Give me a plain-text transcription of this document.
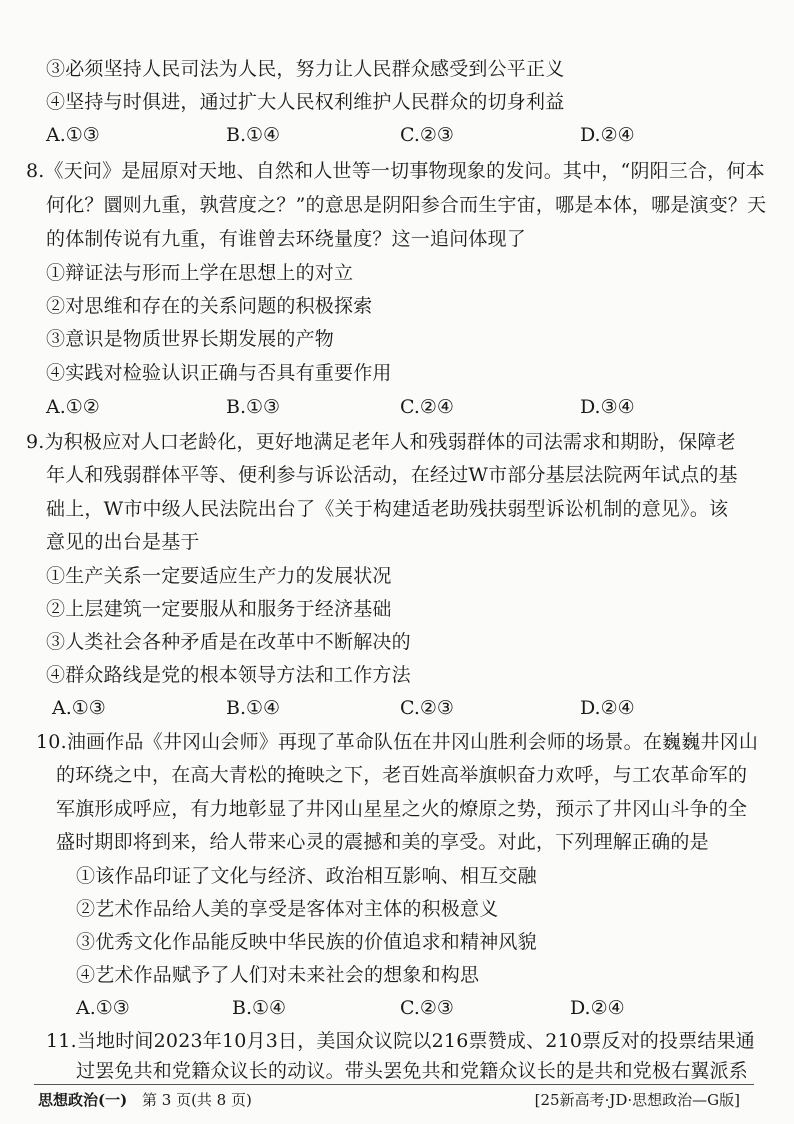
③必须坚持人民司法为人民，努力让人民群众感受到公平正义
④坚持与时俱进，通过扩大人民权利维护人民群众的切身利益
A.①③	B.①④	C.②③	D.②④
8.《天问》是屈原对天地、自然和人世等一切事物现象的发问。其中，“阴阳三合，何本
何化？圜则九重，孰营度之？”的意思是阴阳参合而生宇宙，哪是本体，哪是演变？天
的体制传说有九重，有谁曾去环绕量度？这一追问体现了
①辩证法与形而上学在思想上的对立
②对思维和存在的关系问题的积极探索
③意识是物质世界长期发展的产物
④实践对检验认识正确与否具有重要作用
A.①②	B.①③	C.②④	D.③④
9.为积极应对人口老龄化，更好地满足老年人和残弱群体的司法需求和期盼，保障老
年人和残弱群体平等、便利参与诉讼活动，在经过W市部分基层法院两年试点的基
础上，W市中级人民法院出台了《关于构建适老助残扶弱型诉讼机制的意见》。该
意见的出台是基于
①生产关系一定要适应生产力的发展状况
②上层建筑一定要服从和服务于经济基础
③人类社会各种矛盾是在改革中不断解决的
④群众路线是党的根本领导方法和工作方法
A.①③	B.①④	C.②③	D.②④
10.油画作品《井冈山会师》再现了革命队伍在井冈山胜利会师的场景。在巍巍井冈山
的环绕之中，在高大青松的掩映之下，老百姓高举旗帜奋力欢呼，与工农革命军的
军旗形成呼应，有力地彰显了井冈山星星之火的燎原之势，预示了井冈山斗争的全
盛时期即将到来，给人带来心灵的震撼和美的享受。对此，下列理解正确的是
①该作品印证了文化与经济、政治相互影响、相互交融
②艺术作品给人美的享受是客体对主体的积极意义
③优秀文化作品能反映中华民族的价值追求和精神风貌
④艺术作品赋予了人们对未来社会的想象和构思
A.①③	B.①④	C.②③	D.②④
11.当地时间2023年10月3日，美国众议院以216票赞成、210票反对的投票结果通
过罢免共和党籍众议长的动议。带头罢免共和党籍众议长的是共和党极右翼派系
思想政治(一) 第 3 页(共 8 页)	[25新高考·JD·思想政治—G版]
